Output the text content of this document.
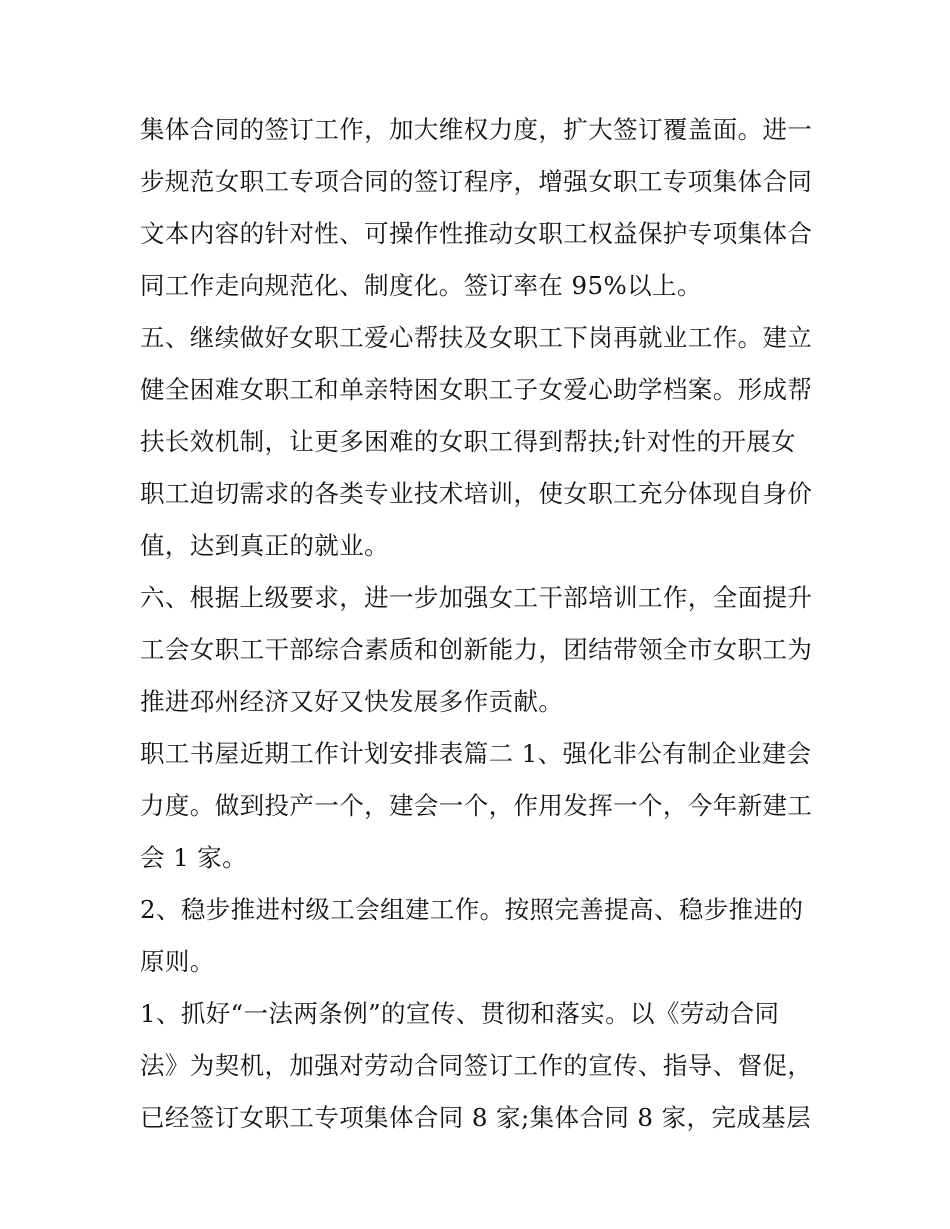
集体合同的签订工作，加大维权力度，扩大签订覆盖面。进一
步规范女职工专项合同的签订程序，增强女职工专项集体合同
文本内容的针对性、可操作性推动女职工权益保护专项集体合
同工作走向规范化、制度化。签订率在 95%以上。
五、继续做好女职工爱心帮扶及女职工下岗再就业工作。建立
健全困难女职工和单亲特困女职工子女爱心助学档案。形成帮
扶长效机制，让更多困难的女职工得到帮扶;针对性的开展女
职工迫切需求的各类专业技术培训，使女职工充分体现自身价
值，达到真正的就业。
六、根据上级要求，进一步加强女工干部培训工作，全面提升
工会女职工干部综合素质和创新能力，团结带领全市女职工为
推进邳州经济又好又快发展多作贡献。
职工书屋近期工作计划安排表篇二 1、强化非公有制企业建会
力度。做到投产一个，建会一个，作用发挥一个，今年新建工
会 1 家。
2、稳步推进村级工会组建工作。按照完善提高、稳步推进的
原则。
1、抓好“一法两条例”的宣传、贯彻和落实。以《劳动合同
法》为契机，加强对劳动合同签订工作的宣传、指导、督促，
已经签订女职工专项集体合同 8 家;集体合同 8 家，完成基层
